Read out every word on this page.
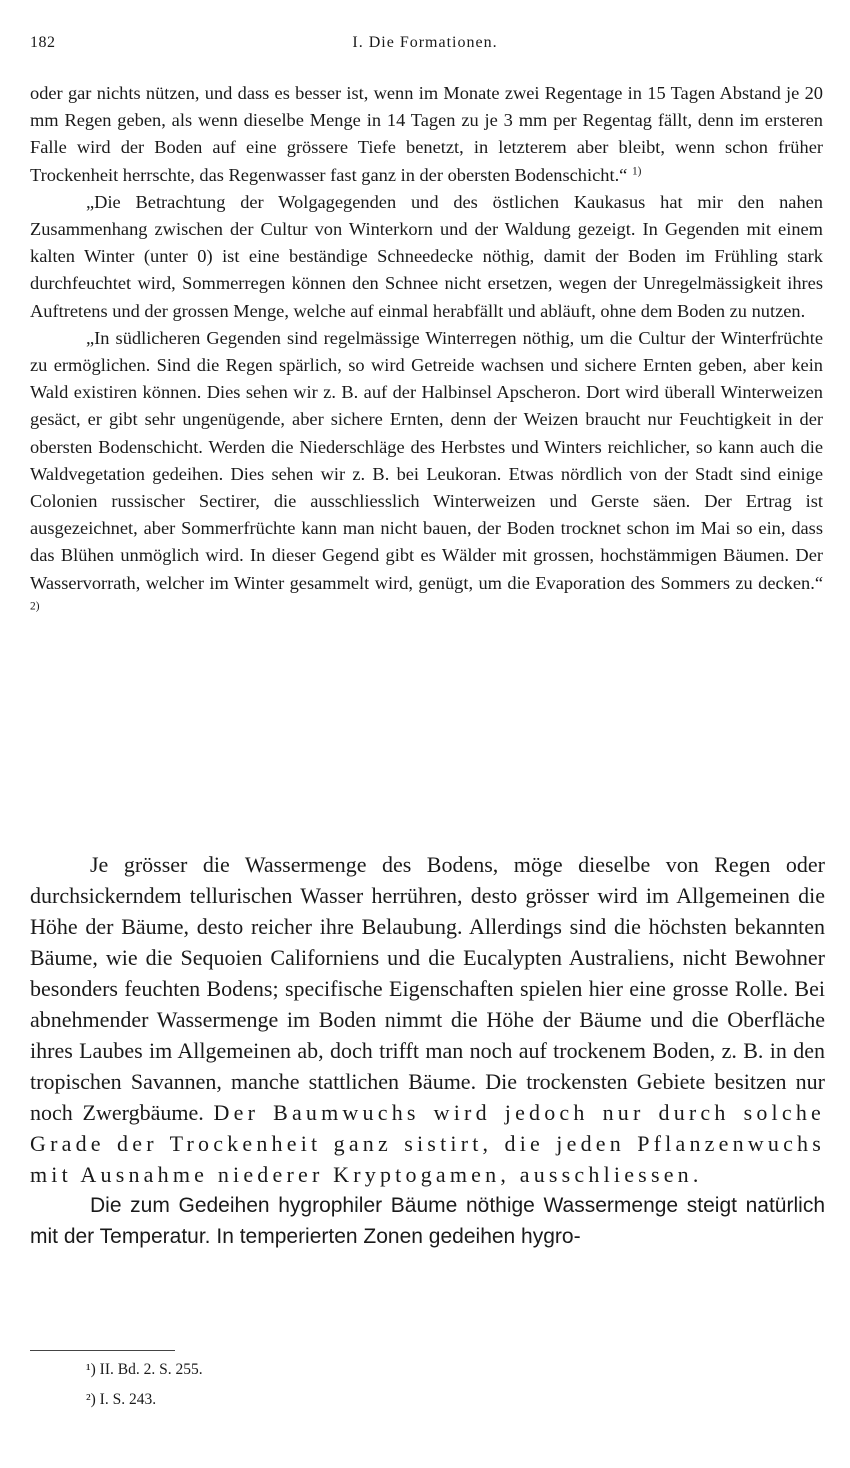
182	I. Die Formationen.

oder gar nichts nützen, und dass es besser ist, wenn im Monate zwei Regentage in 15 Tagen Abstand je 20 mm Regen geben, als wenn dieselbe Menge in 14 Tagen zu je 3 mm per Regentag fällt, denn im ersteren Falle wird der Boden auf eine grössere Tiefe benetzt, in letzterem aber bleibt, wenn schon früher Trockenheit herrschte, das Regenwasser fast ganz in der obersten Bodenschicht.“ $^{1)}$

„Die Betrachtung der Wolgagegenden und des östlichen Kaukasus hat mir den nahen Zusammenhang zwischen der Cultur von Winterkorn und der Waldung gezeigt. In Gegenden mit einem kalten Winter (unter 0) ist eine beständige Schneedecke nöthig, damit der Boden im Frühling stark durchfeuchtet wird, Sommerregen können den Schnee nicht ersetzen, wegen der Unregelmässigkeit ihres Auftretens und der grossen Menge, welche auf einmal herabfällt und abläuft, ohne dem Boden zu nutzen.

„In südlicheren Gegenden sind regelmässige Winterregen nöthig, um die Cultur der Winterfrüchte zu ermöglichen. Sind die Regen spärlich, so wird Getreide wachsen und sichere Ernten geben, aber kein Wald existiren können. Dies sehen wir z. B. auf der Halbinsel Apscheron. Dort wird überall Winterweizen gesäct, er gibt sehr ungenügende, aber sichere Ernten, denn der Weizen braucht nur Feuchtigkeit in der obersten Bodenschicht. Werden die Niederschläge des Herbstes und Winters reichlicher, so kann auch die Waldvegetation gedeihen. Dies sehen wir z. B. bei Leukoran. Etwas nördlich von der Stadt sind einige Colonien russischer Sectirer, die ausschliesslich Winterweizen und Gerste säen. Der Ertrag ist ausgezeichnet, aber Sommerfrüchte kann man nicht bauen, der Boden trocknet schon im Mai so ein, dass das Blühen unmöglich wird. In dieser Gegend gibt es Wälder mit grossen, hochstämmigen Bäumen. Der Wasservorrath, welcher im Winter gesammelt wird, genügt, um die Evaporation des Sommers zu decken.“ $^{2)}$

Je grösser die Wassermenge des Bodens, möge dieselbe von Regen oder durchsickerndem tellurischen Wasser herrühren, desto grösser wird im Allgemeinen die Höhe der Bäume, desto reicher ihre Belaubung. Allerdings sind die höchsten bekannten Bäume, wie die Sequoien Californiens und die Eucalypten Australiens, nicht Bewohner besonders feuchten Bodens; specifische Eigenschaften spielen hier eine grosse Rolle. Bei abnehmender Wassermenge im Boden nimmt die Höhe der Bäume und die Oberfläche ihres Laubes im Allgemeinen ab, doch trifft man noch auf trockenem Boden, z. B. in den tropischen Savannen, manche stattlichen Bäume. Die trockensten Gebiete besitzen nur noch Zwergbäume. Der Baumwuchs wird jedoch nur durch solche Grade der Trockenheit ganz sistirt, die jeden Pflanzenwuchs mit Ausnahme niederer Kryptogamen, ausschliessen.

Die zum Gedeihen hygrophiler Bäume nöthige Wassermenge steigt natürlich mit der Temperatur. In temperierten Zonen gedeihen hygro-

¹) II. Bd. 2. S. 255.
²) I. S. 243.
